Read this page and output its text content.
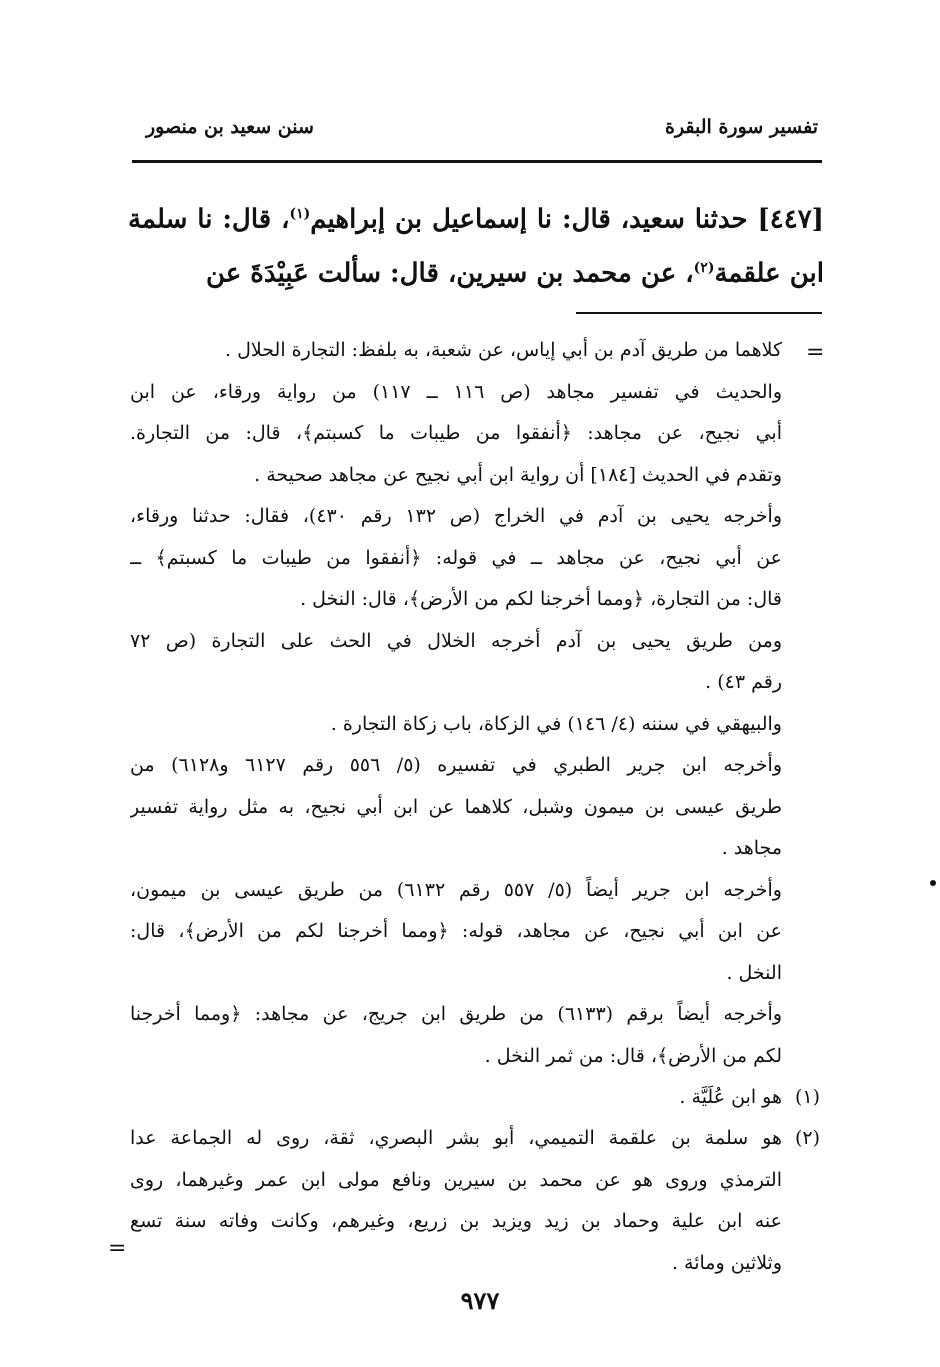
تفسير سورة البقرة
سنن سعيد بن منصور
[٤٤٧] حدثنا سعيد، قال: نا إسماعيل بن إبراهيم$^{(١)}$، قال: نا سلمة ابن علقمة$^{(٢)}$، عن محمد بن سيرين، قال: سألت عَبِيْدَةَ عن
=
كلاهما من طريق آدم بن أبي إياس، عن شعبة، به بلفظ: التجارة الحلال .
والحديث في تفسير مجاهد (ص ١١٦ ــ ١١٧) من رواية ورقاء، عن ابن
أبي نجيح، عن مجاهد: ﴿أنفقوا من طيبات ما كسبتم﴾، قال: من التجارة.
وتقدم في الحديث [١٨٤] أن رواية ابن أبي نجيح عن مجاهد صحيحة .
وأخرجه يحيى بن آدم في الخراج (ص ١٣٢ رقم ٤٣٠)، فقال: حدثنا ورقاء،
عن أبي نجيح، عن مجاهد ــ في قوله: ﴿أنفقوا من طيبات ما كسبتم﴾ ــ
قال: من التجارة، ﴿ومما أخرجنا لكم من الأرض﴾، قال: النخل .
ومن طريق يحيى بن آدم أخرجه الخلال في الحث على التجارة (ص ٧٢
رقم ٤٣) .
والبيهقي في سننه (٤/ ١٤٦) في الزكاة، باب زكاة التجارة .
وأخرجه ابن جرير الطبري في تفسيره (٥/ ٥٥٦ رقم ٦١٢٧ و٦١٢٨) من
طريق عيسى بن ميمون وشبل، كلاهما عن ابن أبي نجيح، به مثل رواية تفسير
مجاهد .
وأخرجه ابن جرير أيضاً (٥/ ٥٥٧ رقم ٦١٣٢) من طريق عيسى بن ميمون،
عن ابن أبي نجيح، عن مجاهد، قوله: ﴿ومما أخرجنا لكم من الأرض﴾، قال:
النخل .
وأخرجه أيضاً برقم (٦١٣٣) من طريق ابن جريج، عن مجاهد: ﴿ومما أخرجنا
لكم من الأرض﴾، قال: من ثمر النخل .
(١)
هو ابن عُلَيَّة .
(٢)
هو سلمة بن علقمة التميمي، أبو بشر البصري، ثقة، روى له الجماعة عدا
الترمذي وروى هو عن محمد بن سيرين ونافع مولى ابن عمر وغيرهما، روى
عنه ابن علية وحماد بن زيد ويزيد بن زريع، وغيرهم، وكانت وفاته سنة تسع
وثلاثين ومائة .
=
٩٧٧
